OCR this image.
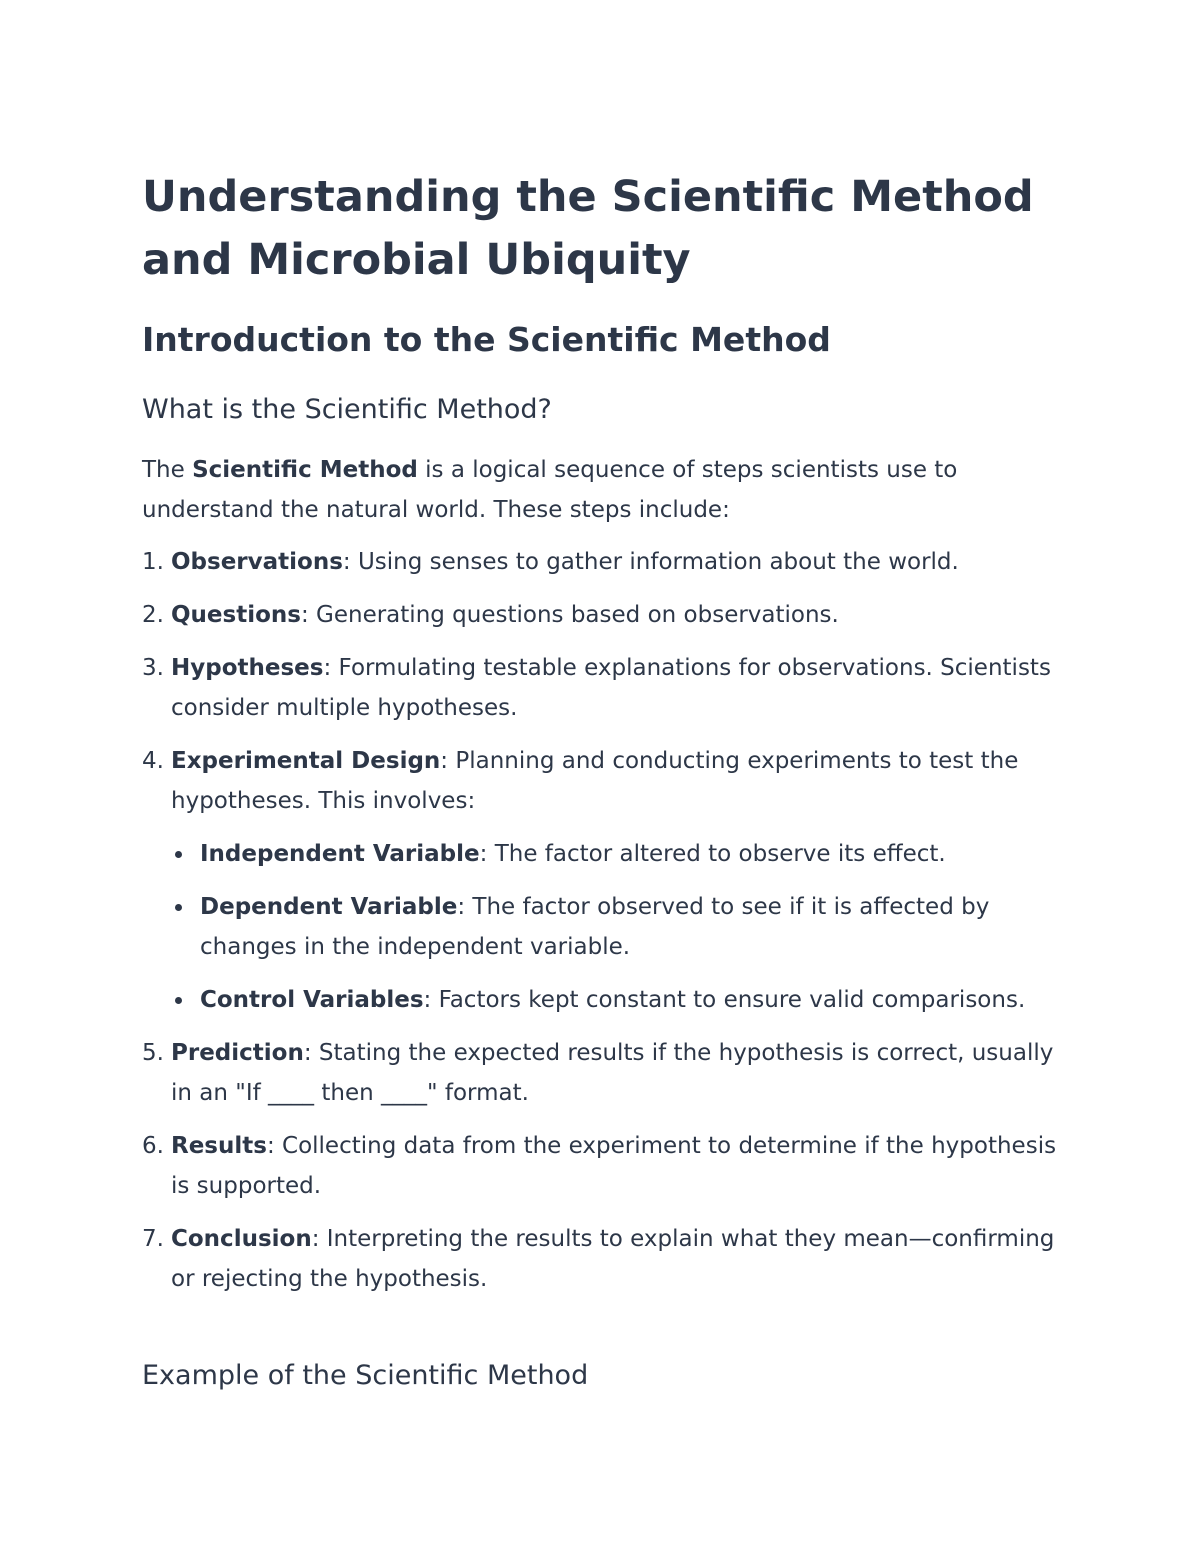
Understanding the Scientific Method and Microbial Ubiquity
Introduction to the Scientific Method
What is the Scientific Method?

The Scientific Method is a logical sequence of steps scientists use to understand the natural world. These steps include:

1. Observations: Using senses to gather information about the world.
2. Questions: Generating questions based on observations.
3. Hypotheses: Formulating testable explanations for observations. Scientists consider multiple hypotheses.
4. Experimental Design: Planning and conducting experiments to test the hypotheses. This involves:
Independent Variable: The factor altered to observe its effect.
Dependent Variable: The factor observed to see if it is affected by changes in the independent variable.
Control Variables: Factors kept constant to ensure valid comparisons.
5. Prediction: Stating the expected results if the hypothesis is correct, usually in an "If ____ then ____" format.
6. Results: Collecting data from the experiment to determine if the hypothesis is supported.
7. Conclusion: Interpreting the results to explain what they mean—confirming or rejecting the hypothesis.
Example of the Scientific Method
